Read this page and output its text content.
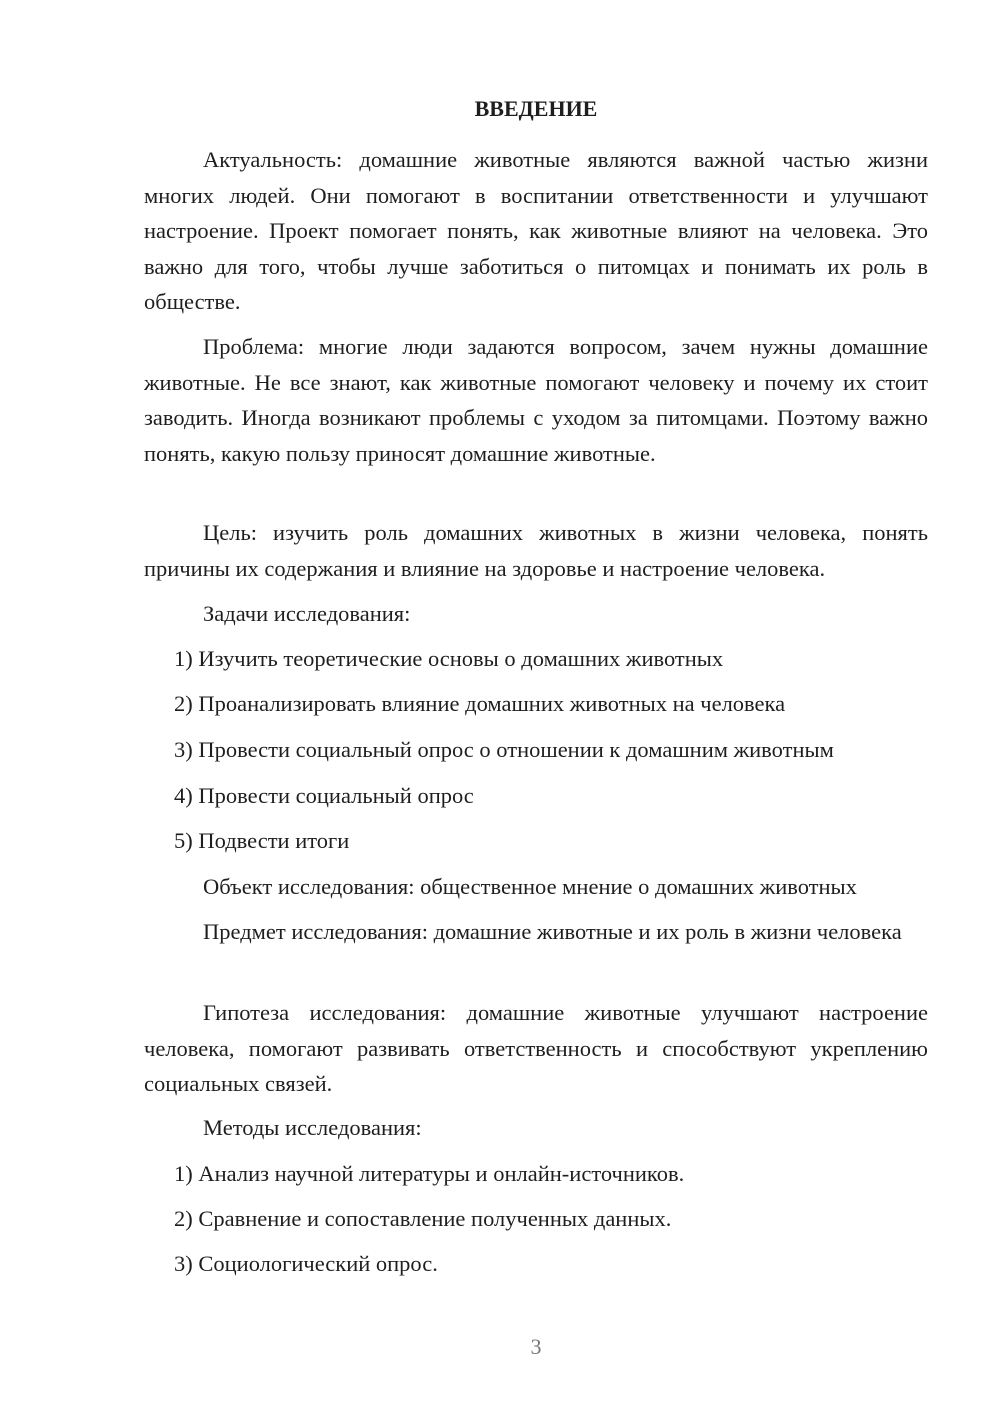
ВВЕДЕНИЕ

Актуальность: домашние животные являются важной частью жизни многих людей. Они помогают в воспитании ответственности и улучшают настроение. Проект помогает понять, как животные влияют на человека. Это важно для того, чтобы лучше заботиться о питомцах и понимать их роль в обществе.

Проблема: многие люди задаются вопросом, зачем нужны домашние животные. Не все знают, как животные помогают человеку и почему их стоит заводить. Иногда возникают проблемы с уходом за питомцами. Поэтому важно понять, какую пользу приносят домашние животные.

Цель: изучить роль домашних животных в жизни человека, понять причины их содержания и влияние на здоровье и настроение человека.

Задачи исследования:

1) Изучить теоретические основы о домашних животных

2) Проанализировать влияние домашних животных на человека

3) Провести социальный опрос о отношении к домашним животным

4) Провести социальный опрос

5) Подвести итоги

Объект исследования: общественное мнение о домашних животных

Предмет исследования: домашние животные и их роль в жизни человека

Гипотеза исследования: домашние животные улучшают настроение человека, помогают развивать ответственность и способствуют укреплению социальных связей.

Методы исследования:

1) Анализ научной литературы и онлайн-источников.

2) Сравнение и сопоставление полученных данных.

3) Социологический опрос.

3
